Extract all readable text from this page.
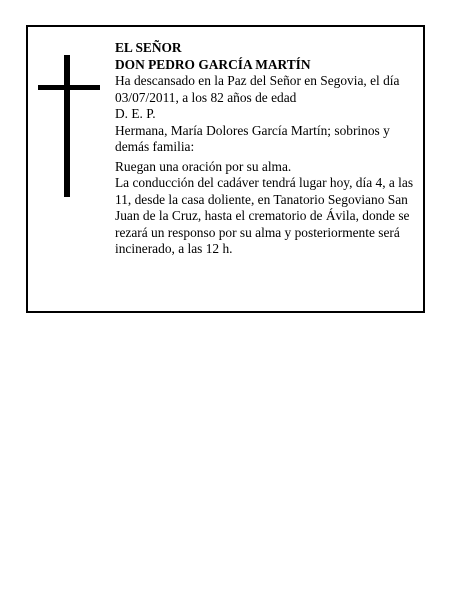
EL SEÑOR

DON PEDRO GARCÍA MARTÍN

Ha descansado en la Paz del Señor en Segovia, el día 03/07/2011, a los 82 años de edad

D. E. P.

Hermana, María Dolores García Martín; sobrinos y demás familia:

Ruegan una oración por su alma.

La conducción del cadáver tendrá lugar hoy, día 4, a las 11, desde la casa doliente, en Tanatorio Segoviano San Juan de la Cruz, hasta el crematorio de Ávila, donde se rezará un responso por su alma y posteriormente será incinerado, a las 12 h.
